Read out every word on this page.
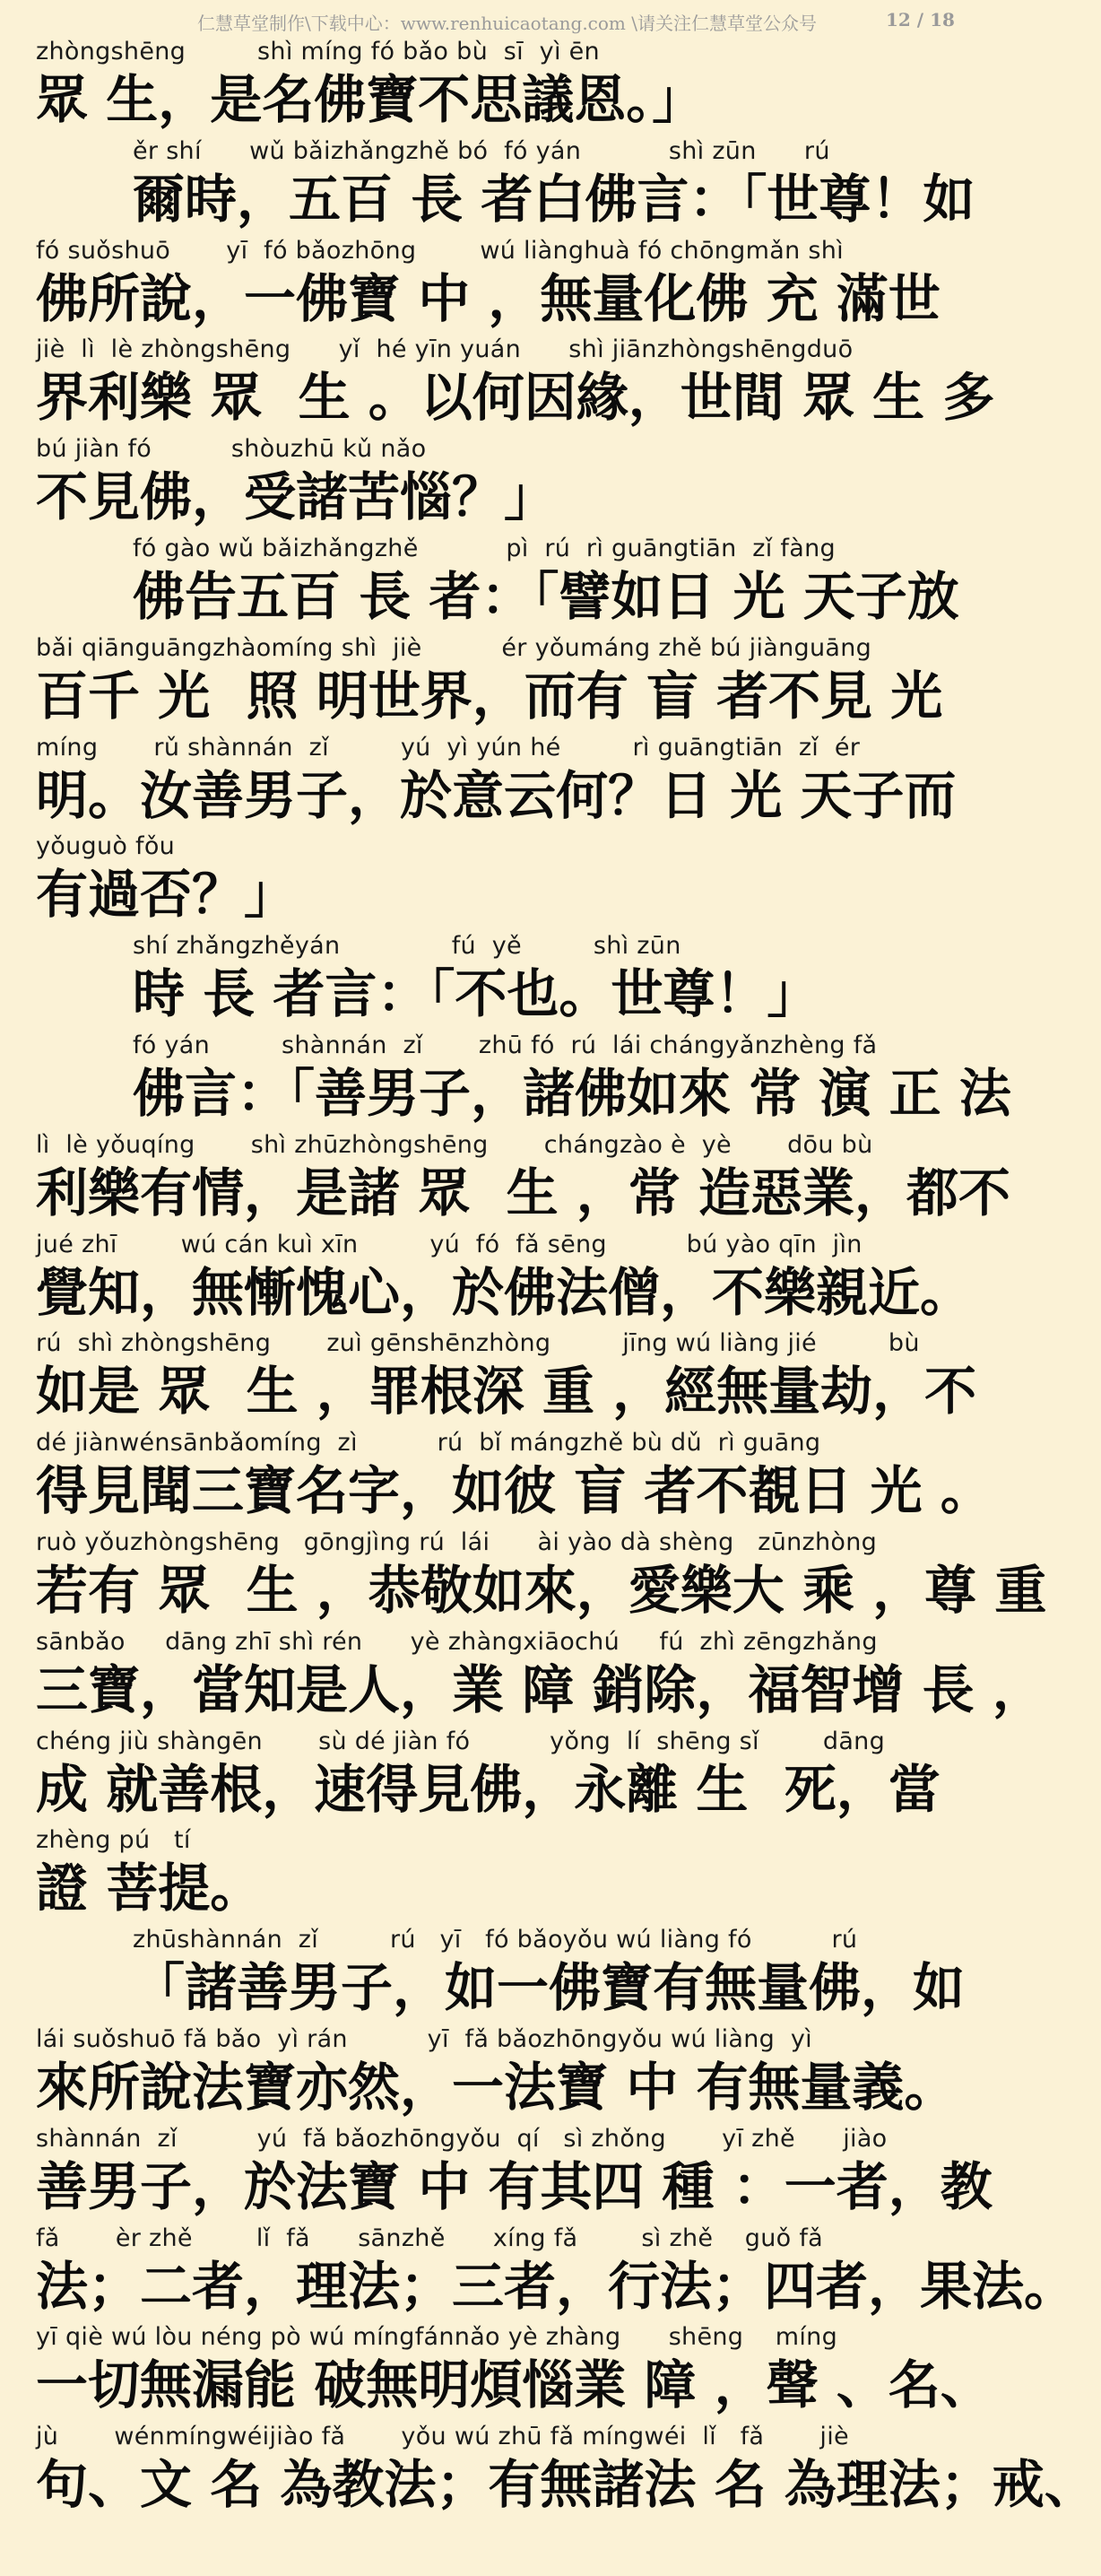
仁慧草堂制作\下载中心：www.renhuicaotang.com \请关注仁慧草堂公众号	12 / 18
zhòngshēng         shì míng fó bǎo bù  sī  yì ēn
眾 生，是名佛寶不思議恩。」
ěr shí      wǔ bǎizhǎngzhě bó  fó yán           shì zūn      rú
爾時，五百 長 者白佛言：「世尊！如
fó suǒshuō       yī  fó bǎozhōng        wú liànghuà fó chōngmǎn shì
佛所說，一佛寶 中 ，無量化佛 充 滿世
jiè  lì  lè zhòngshēng      yǐ  hé yīn yuán      shì jiānzhòngshēngduō
界利樂 眾  生 。以何因緣，世間 眾 生 多
bú jiàn fó          shòuzhū kǔ nǎo
不見佛，受諸苦惱？」
fó gào wǔ bǎizhǎngzhě           pì  rú  rì guāngtiān  zǐ fàng
佛告五百 長 者：「譬如日 光 天子放
bǎi qiānguāngzhàomíng shì  jiè          ér yǒumáng zhě bú jiànguāng
百千 光  照 明世界，而有 盲 者不見 光
míng       rǔ shànnán  zǐ         yú  yì yún hé         rì guāngtiān  zǐ  ér
明。汝善男子，於意云何？日 光 天子而
yǒuguò fǒu
有過否？」
shí zhǎngzhěyán              fú  yě         shì zūn
時 長 者言：「不也。世尊！」
fó yán         shànnán  zǐ       zhū fó  rú  lái chángyǎnzhèng fǎ
佛言：「善男子，諸佛如來 常 演 正 法
lì  lè yǒuqíng       shì zhūzhòngshēng       chángzào è  yè       dōu bù
利樂有情，是諸 眾  生 ，常 造惡業，都不
jué zhī        wú cán kuì xīn         yú  fó  fǎ sēng          bú yào qīn  jìn
覺知，無慚愧心，於佛法僧，不樂親近。
rú  shì zhòngshēng       zuì gēnshēnzhòng         jīng wú liàng jié         bù
如是 眾  生 ，罪根深 重 ，經無量劫，不
dé jiànwénsānbǎomíng  zì          rú  bǐ mángzhě bù dǔ  rì guāng
得見聞三寶名字，如彼 盲 者不覩日 光 。
ruò yǒuzhòngshēng   gōngjìng rú  lái      ài yào dà shèng   zūnzhòng
若有 眾  生 ，恭敬如來，愛樂大 乘 ，尊 重
sānbǎo     dāng zhī shì rén      yè zhàngxiāochú     fú  zhì zēngzhǎng
三寶，當知是人，業 障 銷除，福智增 長 ，
chéng jiù shàngēn       sù dé jiàn fó          yǒng  lí  shēng sǐ        dāng
成 就善根，速得見佛，永離 生  死，當
zhèng pú   tí
證 菩提。
zhūshànnán  zǐ         rú   yī   fó bǎoyǒu wú liàng fó          rú
「諸善男子，如一佛寶有無量佛，如
lái suǒshuō fǎ bǎo  yì rán          yī  fǎ bǎozhōngyǒu wú liàng  yì
來所說法寶亦然，一法寶 中 有無量義。
shànnán  zǐ          yú  fǎ bǎozhōngyǒu  qí   sì zhǒng       yī zhě      jiào
善男子，於法寶 中 有其四 種 ：一者，教
fǎ       èr zhě        lǐ  fǎ      sānzhě      xíng fǎ        sì zhě    guǒ fǎ
法；二者，理法；三者，行法；四者，果法。
yī qiè wú lòu néng pò wú míngfánnǎo yè zhàng      shēng    míng
一切無漏能 破無明煩惱業 障 ，聲 、名、
jù       wénmíngwéijiào fǎ       yǒu wú zhū fǎ míngwéi  lǐ   fǎ       jiè
句、文 名 為教法；有無諸法 名 為理法；戒、
